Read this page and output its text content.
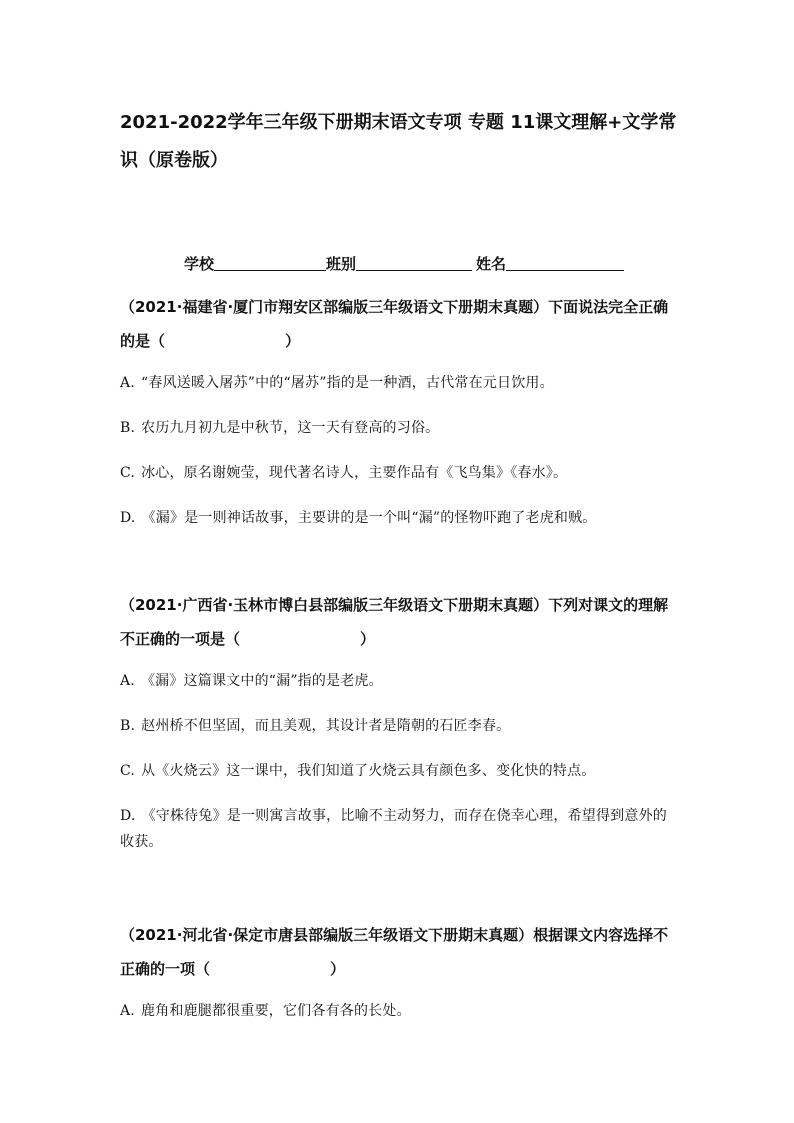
2021-2022学年三年级下册期末语文专项 专题 11课文理解+文学常识（原卷版）
学校	班别	姓名

（2021·福建省·厦门市翔安区部编版三年级语文下册期末真题）下面说法完全正确的是（	）

A. “春风送暖入屠苏”中的“屠苏”指的是一种酒，古代常在元日饮用。

B. 农历九月初九是中秋节，这一天有登高的习俗。

C. 冰心，原名谢婉莹，现代著名诗人，主要作品有《飞鸟集》《春水》。

D. 《漏》是一则神话故事，主要讲的是一个叫“漏”的怪物吓跑了老虎和贼。

（2021·广西省·玉林市博白县部编版三年级语文下册期末真题）下列对课文的理解不正确的一项是（	）

A. 《漏》这篇课文中的“漏”指的是老虎。

B. 赵州桥不但坚固，而且美观，其设计者是隋朝的石匠李春。

C. 从《火烧云》这一课中，我们知道了火烧云具有颜色多、变化快的特点。

D. 《守株待兔》是一则寓言故事，比喻不主动努力，而存在侥幸心理，希望得到意外的收获。

（2021·河北省·保定市唐县部编版三年级语文下册期末真题）根据课文内容选择不正确的一项（	）

A. 鹿角和鹿腿都很重要，它们各有各的长处。
